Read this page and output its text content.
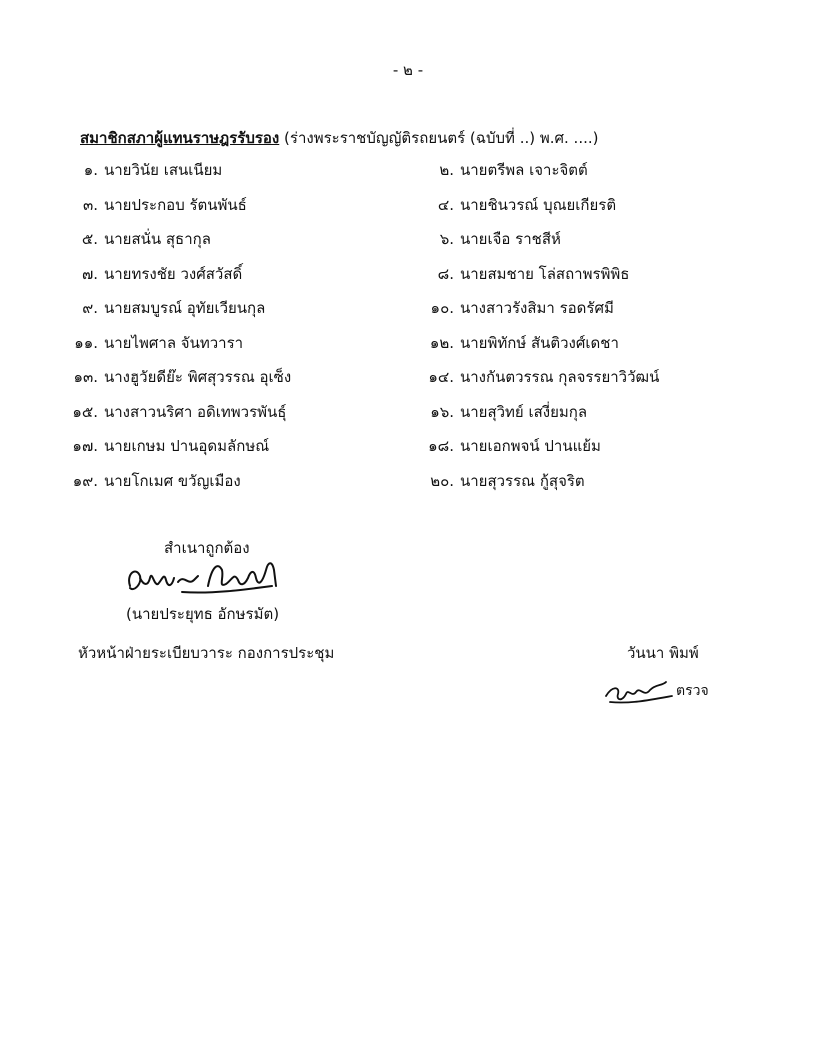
- ๒ -
สมาชิกสภาผู้แทนราษฎรรับรอง (ร่างพระราชบัญญัติรถยนตร์ (ฉบับที่ ..) พ.ศ. ....)
๑. นายวินัย เสนเนียม	๒. นายตรีพล เจาะจิตต์
๓. นายประกอบ รัตนพันธ์	๔. นายชินวรณ์ บุณยเกียรติ
๕. นายสนั่น สุธากุล	๖. นายเจือ ราชสีห์
๗. นายทรงชัย วงศ์สวัสดิ์	๘. นายสมชาย โล่สถาพรพิพิธ
๙. นายสมบูรณ์ อุทัยเวียนกุล	๑๐. นางสาวรังสิมา รอดรัศมี
๑๑. นายไพศาล จันทวารา	๑๒. นายพิทักษ์ สันติวงศ์เดชา
๑๓. นางฮูวัยดีย๊ะ พิศสุวรรณ อุเซ็ง	๑๔. นางกันตวรรณ กุลจรรยาวิวัฒน์
๑๕. นางสาวนริศา อดิเทพวรพันธุ์	๑๖. นายสุวิทย์ เสงี่ยมกุล
๑๗. นายเกษม ปานอุดมลักษณ์	๑๘. นายเอกพจน์ ปานแย้ม
๑๙. นายโกเมศ ขวัญเมือง	๒๐. นายสุวรรณ กู้สุจริต
สำเนาถูกต้อง
(นายประยุทธ อักษรมัต)
หัวหน้าฝ่ายระเบียบวาระ กองการประชุม	วันนา พิมพ์
ตรวจ
